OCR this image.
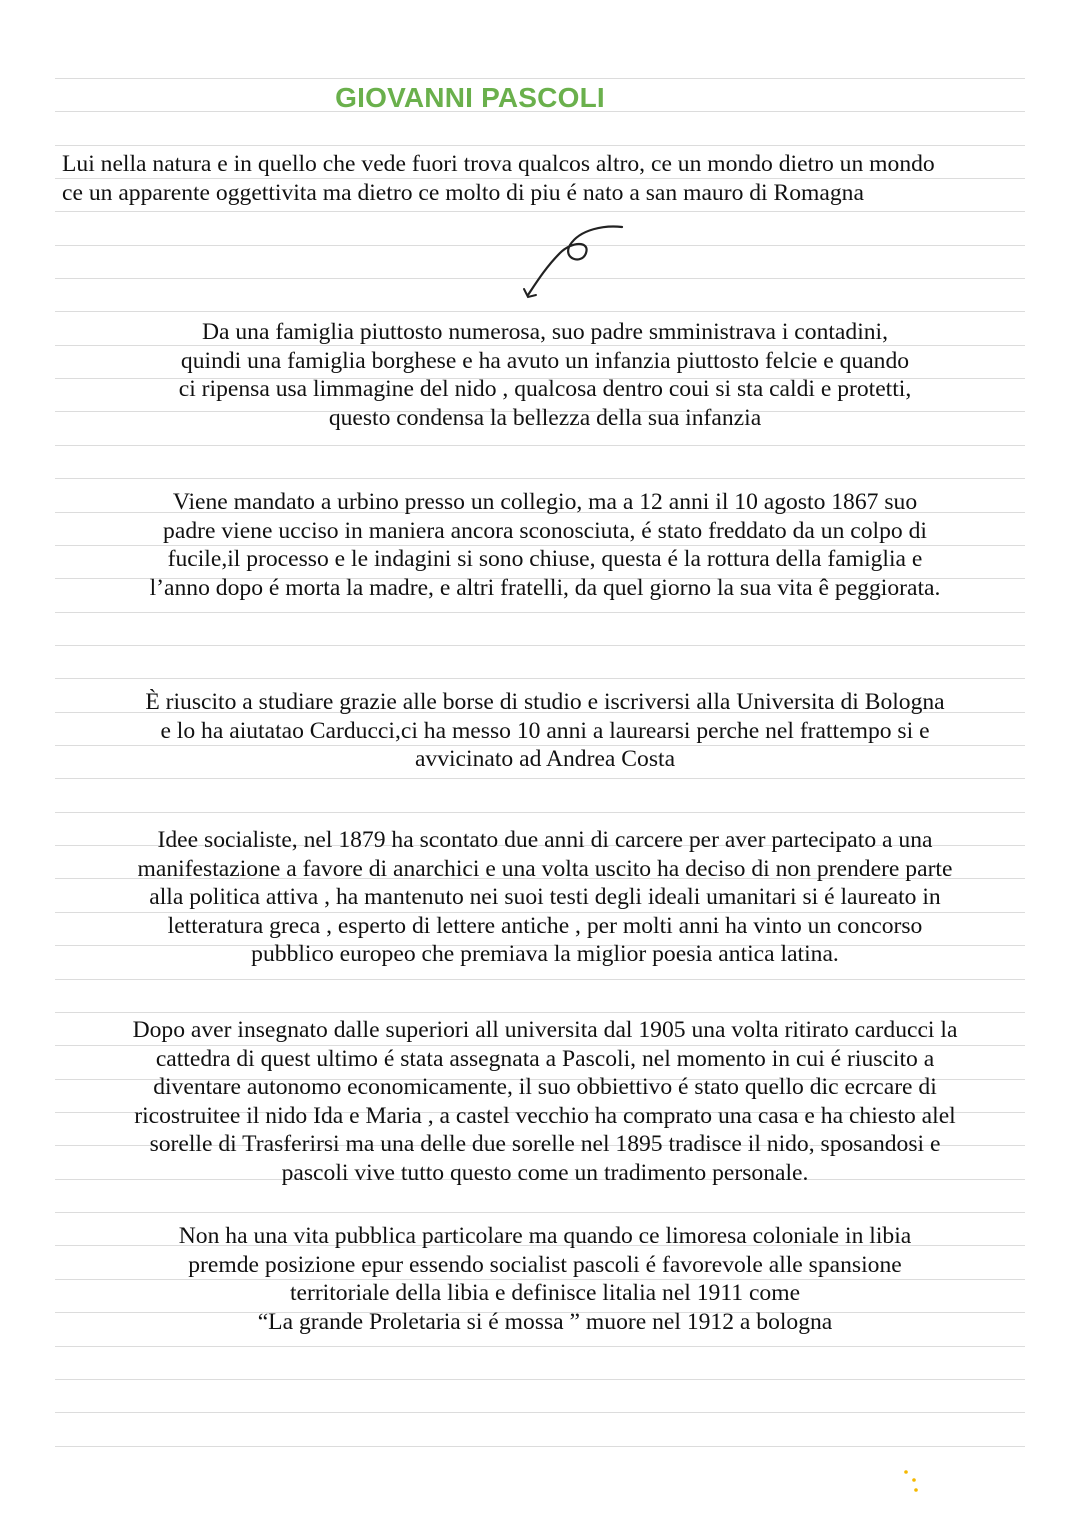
GIOVANNI PASCOLI
Lui nella natura e in quello che vede fuori trova qualcos altro, ce un mondo dietro un mondo
ce un apparente oggettivita ma dietro ce molto di piu é nato a san mauro di Romagna
Da una famiglia piuttosto numerosa, suo padre smministrava i contadini,
quindi una famiglia borghese e ha avuto un infanzia piuttosto felcie e quando
ci ripensa usa limmagine del nido , qualcosa dentro coui si sta caldi e protetti,
questo condensa la bellezza della sua infanzia
Viene mandato a urbino presso un collegio, ma a 12 anni il 10 agosto 1867 suo
padre viene ucciso in maniera ancora sconosciuta, é stato freddato da un colpo di
fucile,il processo e le indagini si sono chiuse, questa é la rottura della famiglia e
l’anno dopo é morta la madre, e altri fratelli, da quel giorno la sua vita ê peggiorata.
È riuscito a studiare grazie alle borse di studio e iscriversi alla Universita di Bologna
e lo ha aiutatao Carducci,ci ha messo 10 anni a laurearsi perche nel frattempo si e
avvicinato ad Andrea Costa
Idee socialiste, nel 1879 ha scontato due anni di carcere per aver partecipato a una
manifestazione a favore di anarchici e una volta uscito ha deciso di non prendere parte
alla politica attiva , ha mantenuto nei suoi testi degli ideali umanitari si é laureato in
letteratura greca , esperto di lettere antiche , per molti anni ha vinto un concorso
pubblico europeo che premiava la miglior poesia antica latina.
Dopo aver insegnato dalle superiori all universita dal 1905 una volta ritirato carducci la
cattedra di quest ultimo é stata assegnata a Pascoli, nel momento in cui é riuscito a
diventare autonomo economicamente, il suo obbiettivo é stato quello dic ecrcare di
ricostruitee il nido Ida e Maria , a castel vecchio ha comprato una casa e ha chiesto alel
sorelle di Trasferirsi ma una delle due sorelle nel 1895 tradisce il nido, sposandosi e
pascoli vive tutto questo come un tradimento personale.
Non ha una vita pubblica particolare ma quando ce limoresa coloniale in libia
premde posizione epur essendo socialist pascoli é favorevole alle spansione
territoriale della libia e definisce litalia nel 1911 come
“La grande Proletaria si é mossa ” muore nel 1912 a bologna
